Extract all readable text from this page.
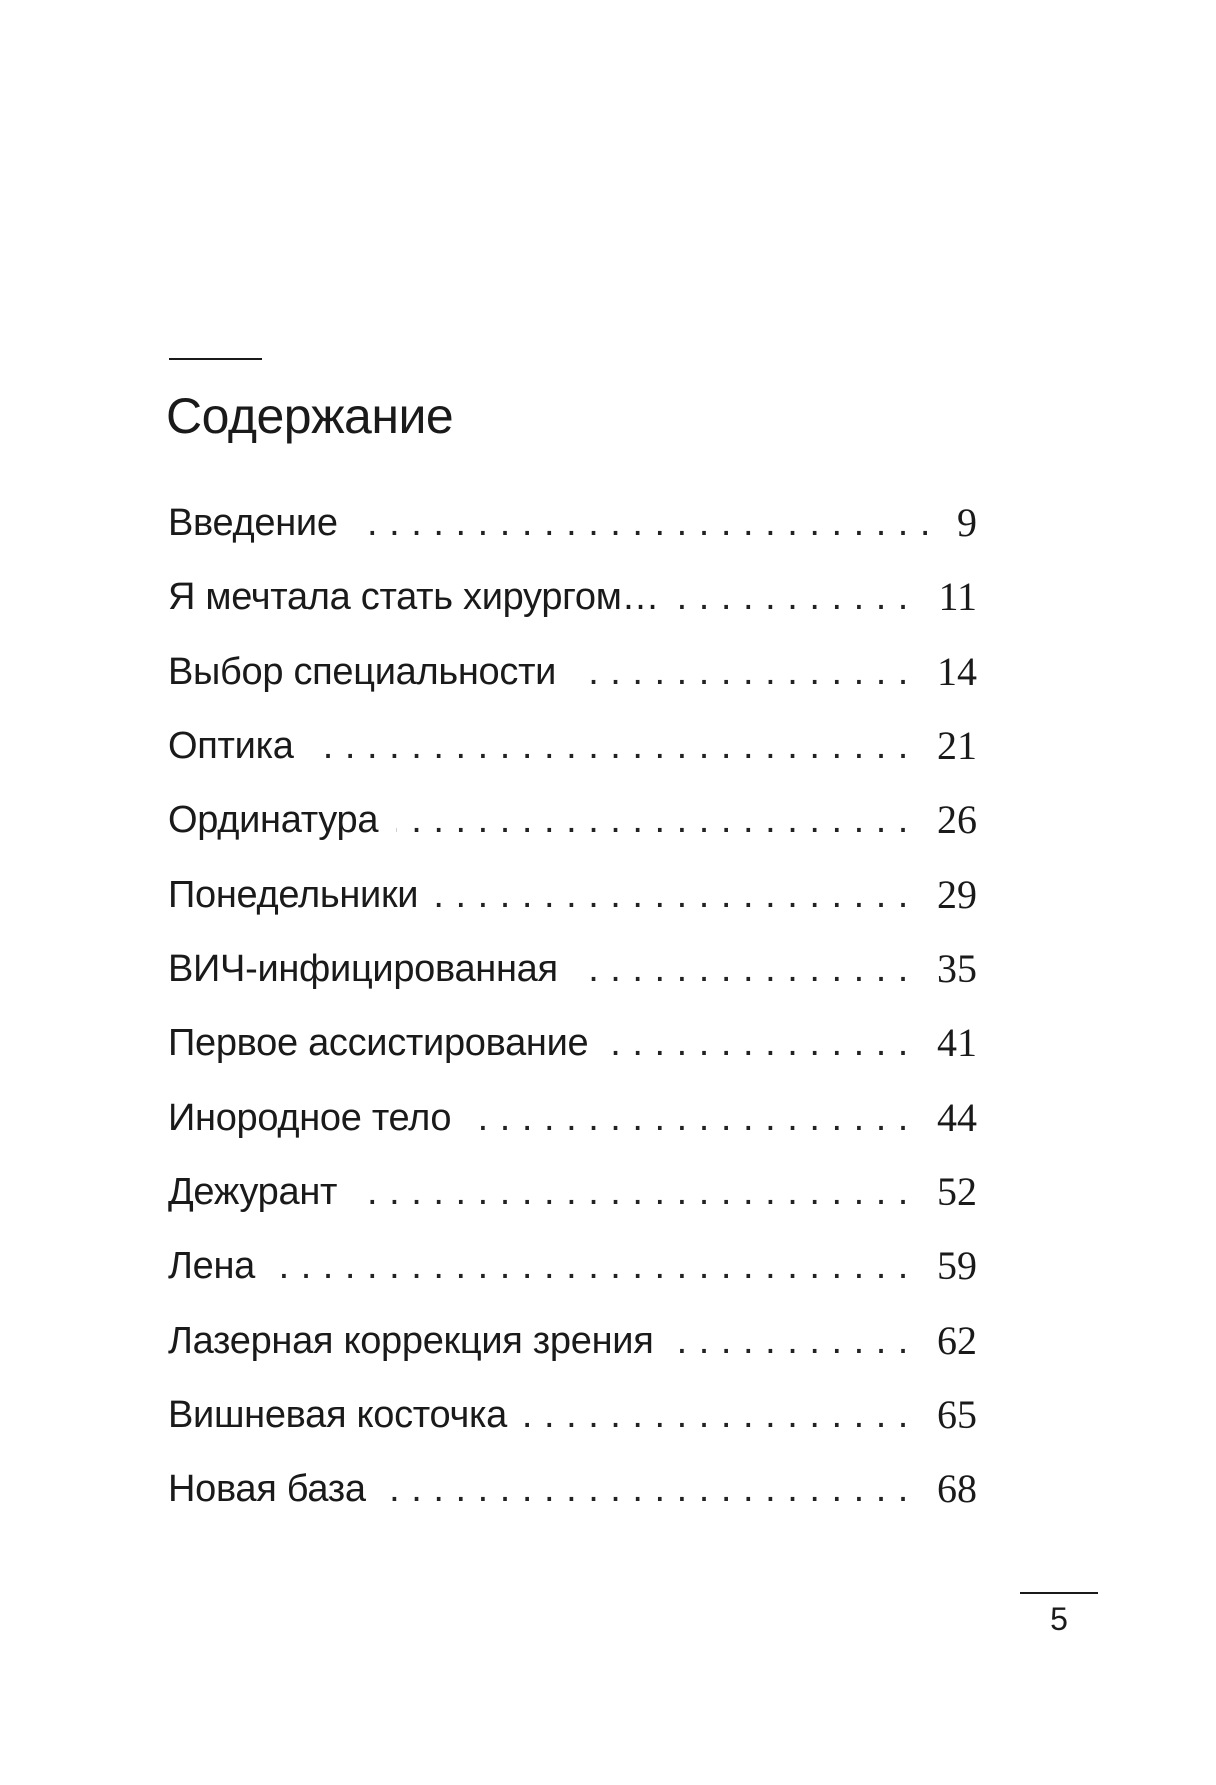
Содержание
. . .
Введение	9
. . .
Я мечтала стать хирургом…	11
. . .
Выбор специальности	14
. . .
Оптика	21
. . .
Ординатура	26
. . .
Понедельники	29
. . .
ВИЧ-инфицированная	35
. . .
Первое ассистирование	41
. . .
Инородное тело	44
. . .
Дежурант	52
. . .
Лена	59
. . .
Лазерная коррекция зрения	62
. . .
Вишневая косточка	65
. . .
Новая база	68
5
